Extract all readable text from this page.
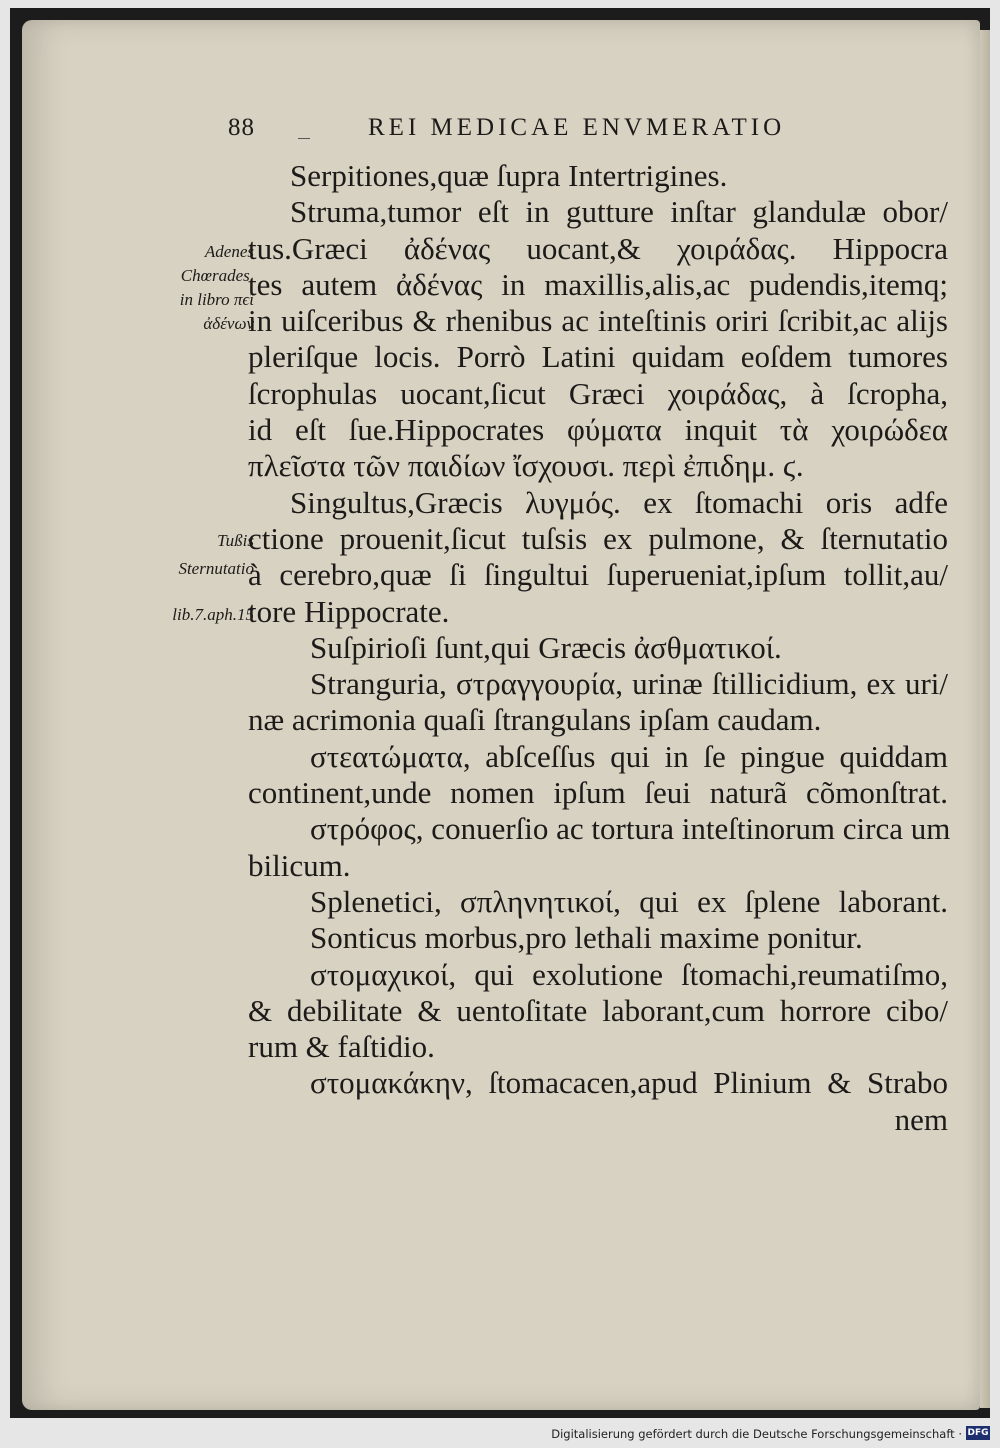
88	REI MEDICAE ENVMERATIO
Adenes
Chœrades.
in libro πϵ̃ὶ
ἀδένων
Tußis
Sternutatio
lib.7.aph.15
Serpitiones,quæ ſupra Intertrigines.
Struma,tumor eſt in gutture inſtar glandulæ obor/
tus.Græci ἀδένας uocant,& χοιράδας. Hippocra
tes autem ἀδένας in maxillis,alis,ac pudendis,itemq;
in uiſceribus & rhenibus ac inteſtinis oriri ſcribit,ac alijs
pleriſque locis. Porrò Latini quidam eoſdem tumores
ſcrophulas uocant,ſicut Græci χοιράδας, à ſcropha,
id eſt ſue.Hippocrates φύματα inquit τὰ χοιρώδεα
πλεῖστα τῶν παιδίων ἴσχουσι. περὶ ἐπιδημ. ϛ.
Singultus,Græcis λυγμός. ex ſtomachi oris adfe
ctione prouenit,ſicut tuſsis ex pulmone, & ſternutatio
à cerebro,quæ ſi ſingultui ſuperueniat,ipſum tollit,au/
tore Hippocrate.
Suſpirioſi ſunt,qui Græcis ἀσθματικοί.
Stranguria, στραγγουρία, urinæ ſtillicidium, ex uri/
næ acrimonia quaſi ſtrangulans ipſam caudam.
στεατώματα, abſceſſus qui in ſe pingue quiddam
continent,unde nomen ipſum ſeui naturã cõmonſtrat.
στρόφος, conuerſio ac tortura inteſtinorum circa um
bilicum.
Splenetici, σπληνητικοί, qui ex ſplene laborant.
Sonticus morbus,pro lethali maxime ponitur.
στομαχικοί, qui exolutione ſtomachi,reumatiſmo,
& debilitate & uentoſitate laborant,cum horrore cibo/
rum & faſtidio.
στομακάκην, ſtomacacen,apud Plinium & Strabo
nem
Digitalisierung gefördert durch die Deutsche Forschungsgemeinschaft · DFG
